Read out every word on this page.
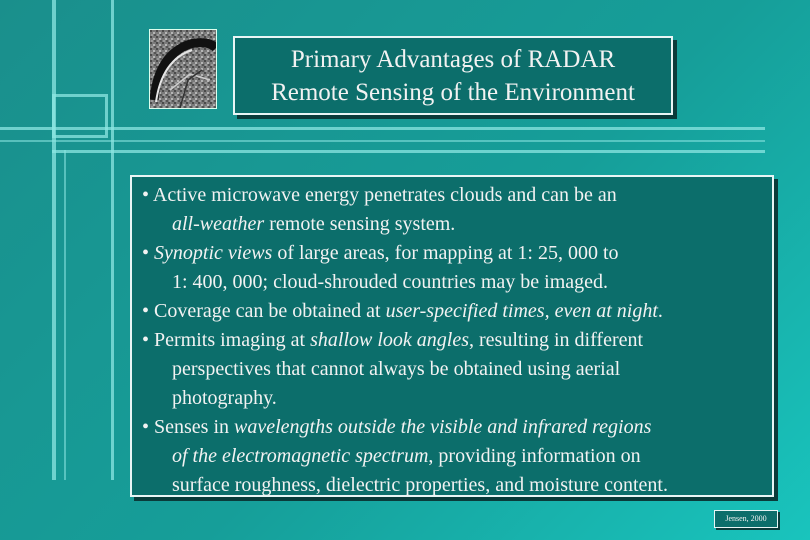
Primary Advantages of RADAR
Remote Sensing of the Environment
• Active microwave energy penetrates clouds and can be an
all-weather remote sensing system.
• Synoptic views of large areas, for mapping at 1: 25, 000 to
1: 400, 000; cloud-shrouded countries may be imaged.
• Coverage can be obtained at user-specified times, even at night.
• Permits imaging at shallow look angles, resulting in different
perspectives that cannot always be obtained using aerial
photography.
• Senses in wavelengths outside the visible and infrared regions
of the electromagnetic spectrum, providing information on
surface roughness, dielectric properties, and moisture content.
Jensen, 2000
